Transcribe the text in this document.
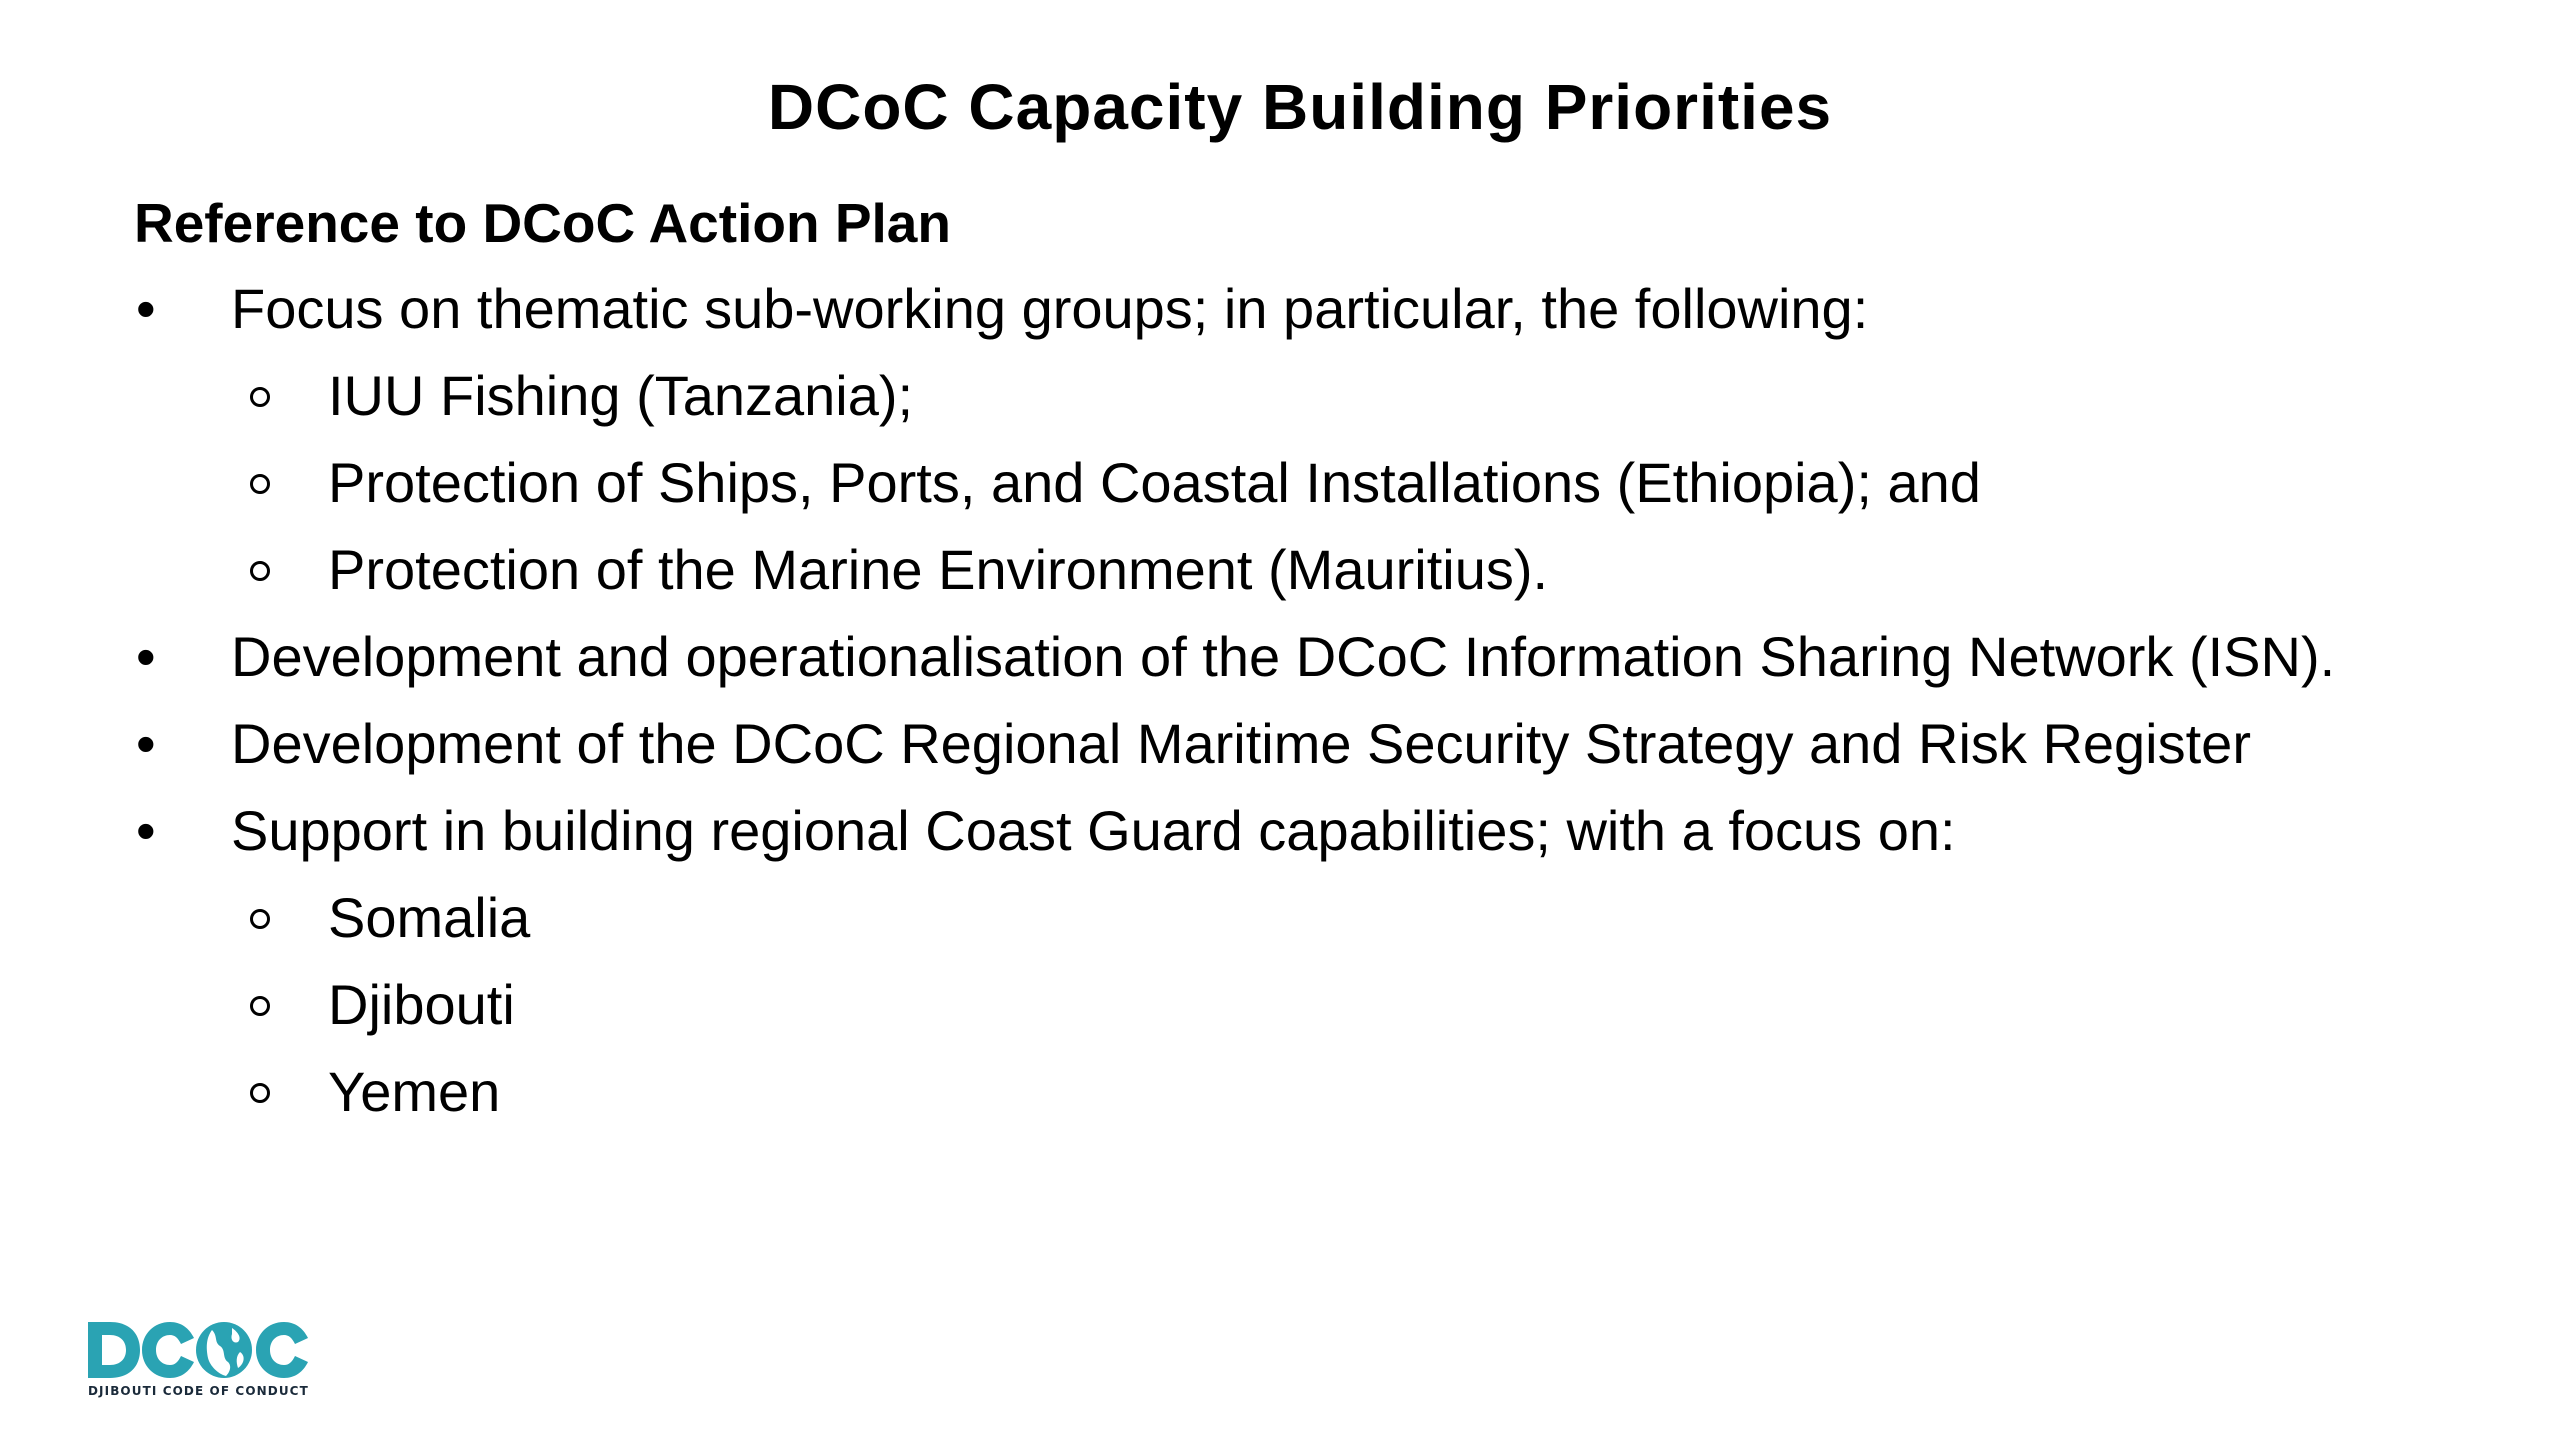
DCoC Capacity Building Priorities
Reference to DCoC Action Plan
•	Focus on thematic sub-working groups; in particular, the following:
IUU Fishing (Tanzania);
Protection of Ships, Ports, and Coastal Installations (Ethiopia); and
Protection of the Marine Environment (Mauritius).
•	Development and operationalisation of the DCoC Information Sharing Network (ISN).
•	Development of the DCoC Regional Maritime Security Strategy and Risk Register
•	Support in building regional Coast Guard capabilities; with a focus on:
Somalia
Djibouti
Yemen
DJIBOUTI CODE OF CONDUCT
